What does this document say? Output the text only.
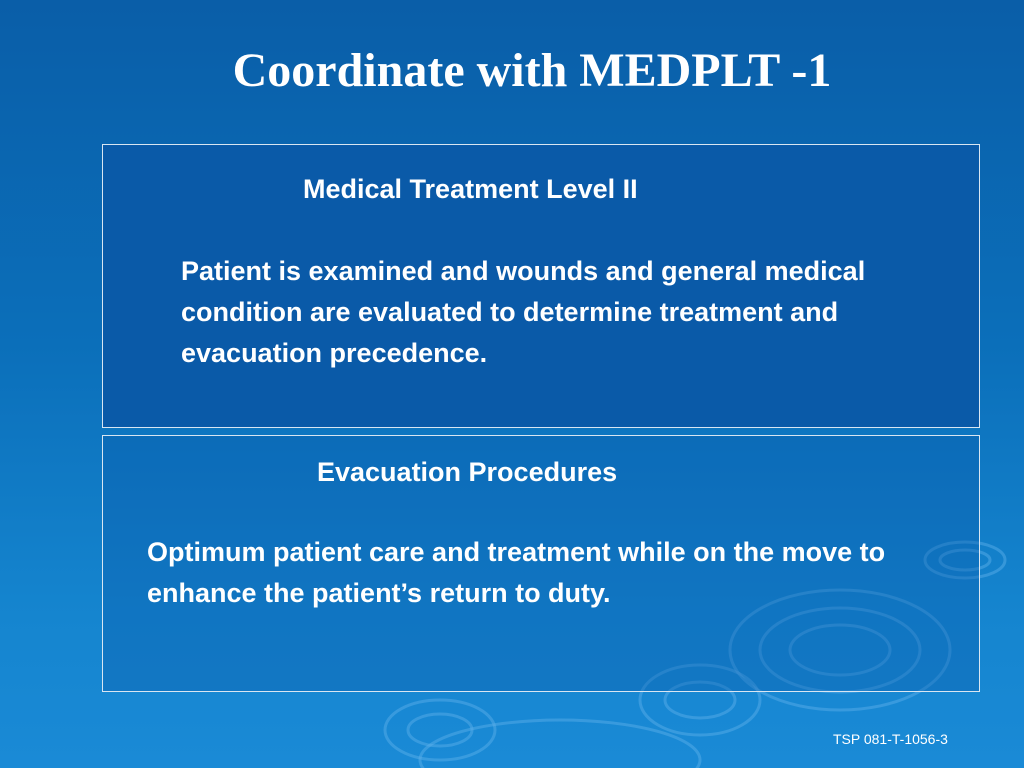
Coordinate with MEDPLT -1
Medical Treatment Level II

Patient is examined and wounds and general medical condition are evaluated to determine treatment and evacuation precedence.

Evacuation Procedures

Optimum patient care and treatment while on the move to enhance the patient’s return to duty.

TSP 081-T-1056-3
